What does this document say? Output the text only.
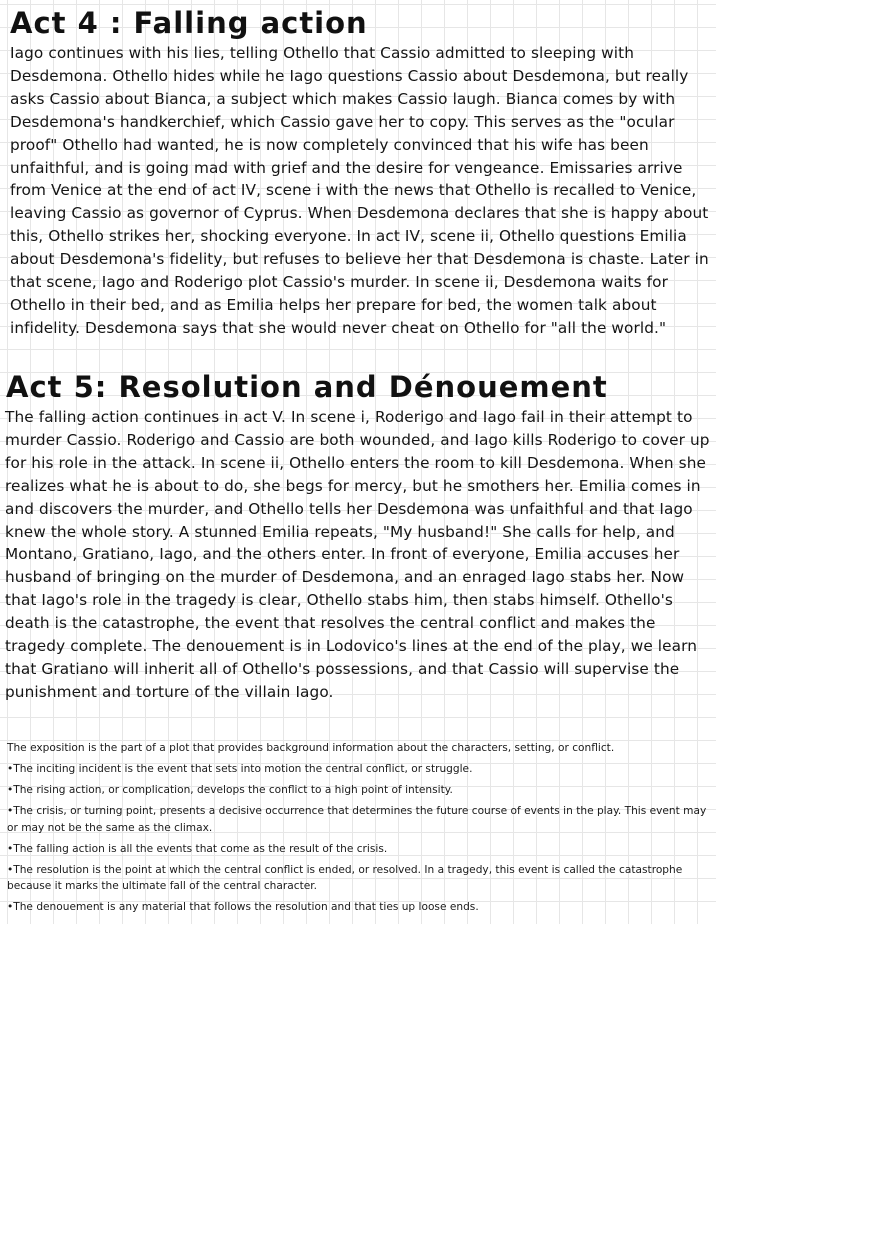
Act 4 : Falling action

Iago continues with his lies, telling Othello that Cassio admitted to sleeping with Desdemona. Othello hides while he Iago questions Cassio about Desdemona, but really asks Cassio about Bianca, a subject which makes Cassio laugh. Bianca comes by with Desdemona's handkerchief, which Cassio gave her to copy. This serves as the "ocular proof" Othello had wanted, he is now completely convinced that his wife has been unfaithful, and is going mad with grief and the desire for vengeance. Emissaries arrive from Venice at the end of act IV, scene i with the news that Othello is recalled to Venice, leaving Cassio as governor of Cyprus. When Desdemona declares that she is happy about this, Othello strikes her, shocking everyone. In act IV, scene ii, Othello questions Emilia about Desdemona's fidelity, but refuses to believe her that Desdemona is chaste. Later in that scene, Iago and Roderigo plot Cassio's murder. In scene ii, Desdemona waits for Othello in their bed, and as Emilia helps her prepare for bed, the women talk about infidelity. Desdemona says that she would never cheat on Othello for "all the world."

Act 5: Resolution and Dénouement

The falling action continues in act V. In scene i, Roderigo and Iago fail in their attempt to murder Cassio. Roderigo and Cassio are both wounded, and Iago kills Roderigo to cover up for his role in the attack. In scene ii, Othello enters the room to kill Desdemona. When she realizes what he is about to do, she begs for mercy, but he smothers her. Emilia comes in and discovers the murder, and Othello tells her Desdemona was unfaithful and that Iago knew the whole story. A stunned Emilia repeats, "My husband!" She calls for help, and Montano, Gratiano, Iago, and the others enter. In front of everyone, Emilia accuses her husband of bringing on the murder of Desdemona, and an enraged Iago stabs her. Now that Iago's role in the tragedy is clear, Othello stabs him, then stabs himself. Othello's death is the catastrophe, the event that resolves the central conflict and makes the tragedy complete. The denouement is in Lodovico's lines at the end of the play, we learn that Gratiano will inherit all of Othello's possessions, and that Cassio will supervise the punishment and torture of the villain Iago.

The exposition is the part of a plot that provides background information about the characters, setting, or conflict.
•The inciting incident is the event that sets into motion the central conflict, or struggle.
•The rising action, or complication, develops the conflict to a high point of intensity.
•The crisis, or turning point, presents a decisive occurrence that determines the future course of events in the play. This event may or may not be the same as the climax.
•The falling action is all the events that come as the result of the crisis.
•The resolution is the point at which the central conflict is ended, or resolved. In a tragedy, this event is called the catastrophe because it marks the ultimate fall of the central character.
•The denouement is any material that follows the resolution and that ties up loose ends.
